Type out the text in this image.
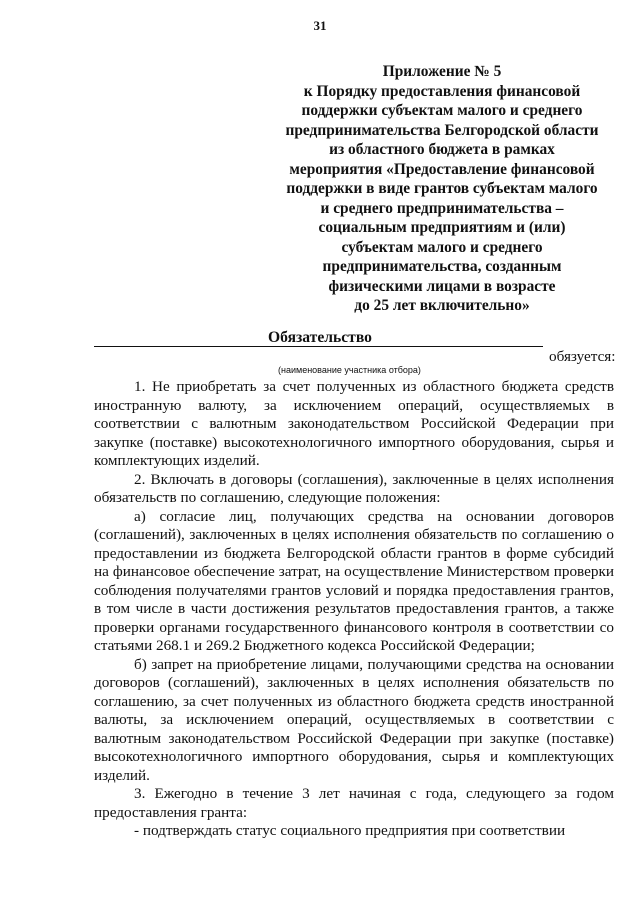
31
Приложение № 5
к Порядку предоставления финансовой
поддержки субъектам малого и среднего
предпринимательства Белгородской области
из областного бюджета в рамках
мероприятия «Предоставление финансовой
поддержки в виде грантов субъектам малого
и среднего предпринимательства –
социальным предприятиям и (или)
субъектам малого и среднего
предпринимательства, созданным
физическими лицами в возрасте
до 25 лет включительно»
Обязательство
обязуется:
(наименование участника отбора)

1. Не приобретать за счет полученных из областного бюджета средств иностранную валюту, за исключением операций, осуществляемых в соответствии с валютным законодательством Российской Федерации при закупке (поставке) высокотехнологичного импортного оборудования, сырья и комплектующих изделий.

2. Включать в договоры (соглашения), заключенные в целях исполнения обязательств по соглашению, следующие положения:

а) согласие лиц, получающих средства на основании договоров (соглашений), заключенных в целях исполнения обязательств по соглашению о предоставлении из бюджета Белгородской области грантов в форме субсидий на финансовое обеспечение затрат, на осуществление Министерством проверки соблюдения получателями грантов условий и порядка предоставления грантов, в том числе в части достижения результатов предоставления грантов, а также проверки органами государственного финансового контроля в соответствии со статьями 268.1 и 269.2 Бюджетного кодекса Российской Федерации;

б) запрет на приобретение лицами, получающими средства на основании договоров (соглашений), заключенных в целях исполнения обязательств по соглашению, за счет полученных из областного бюджета средств иностранной валюты, за исключением операций, осуществляемых в соответствии с валютным законодательством Российской Федерации при закупке (поставке) высокотехнологичного импортного оборудования, сырья и комплектующих изделий.

3. Ежегодно в течение 3 лет начиная с года, следующего за годом предоставления гранта:

- подтверждать статус социального предприятия при соответствии
